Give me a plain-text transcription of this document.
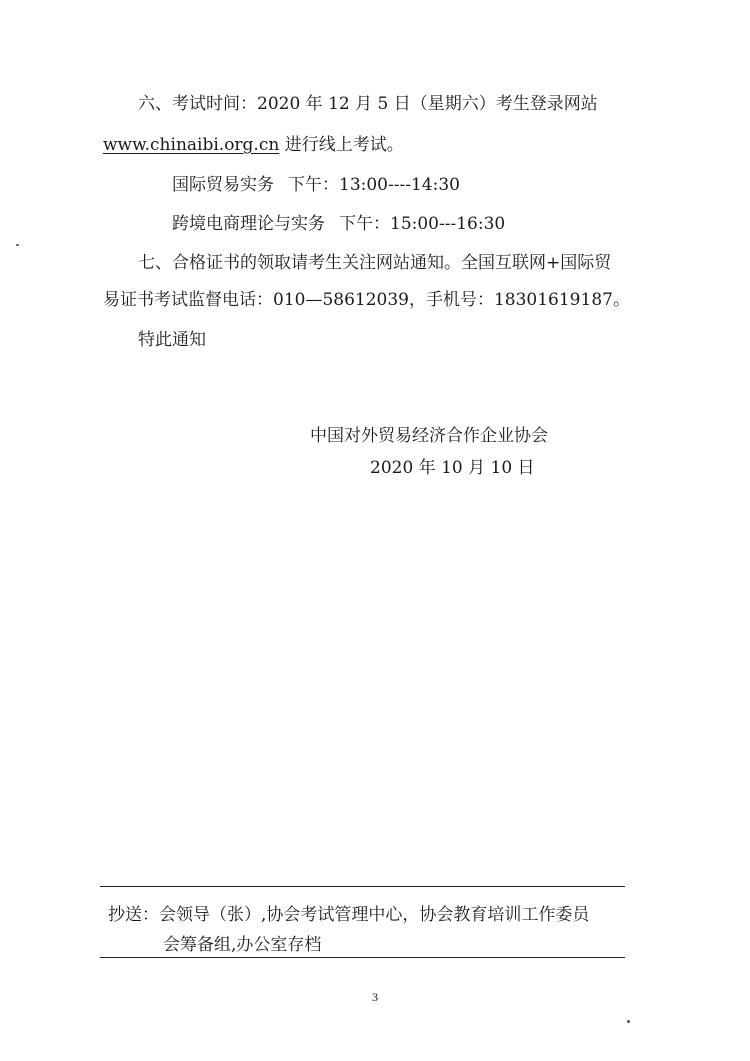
六、考试时间：2020 年 12 月 5 日（星期六）考生登录网站
www.chinaibi.org.cn 进行线上考试。
国际贸易实务 下午：13:00----14:30
跨境电商理论与实务 下午：15:00---16:30
七、合格证书的领取请考生关注网站通知。全国互联网+国际贸
易证书考试监督电话：010—58612039，手机号：18301619187。
特此通知
中国对外贸易经济合作企业协会
2020 年 10 月 10 日
抄送：会领导（张）,协会考试管理中心，协会教育培训工作委员
会筹备组,办公室存档
3
